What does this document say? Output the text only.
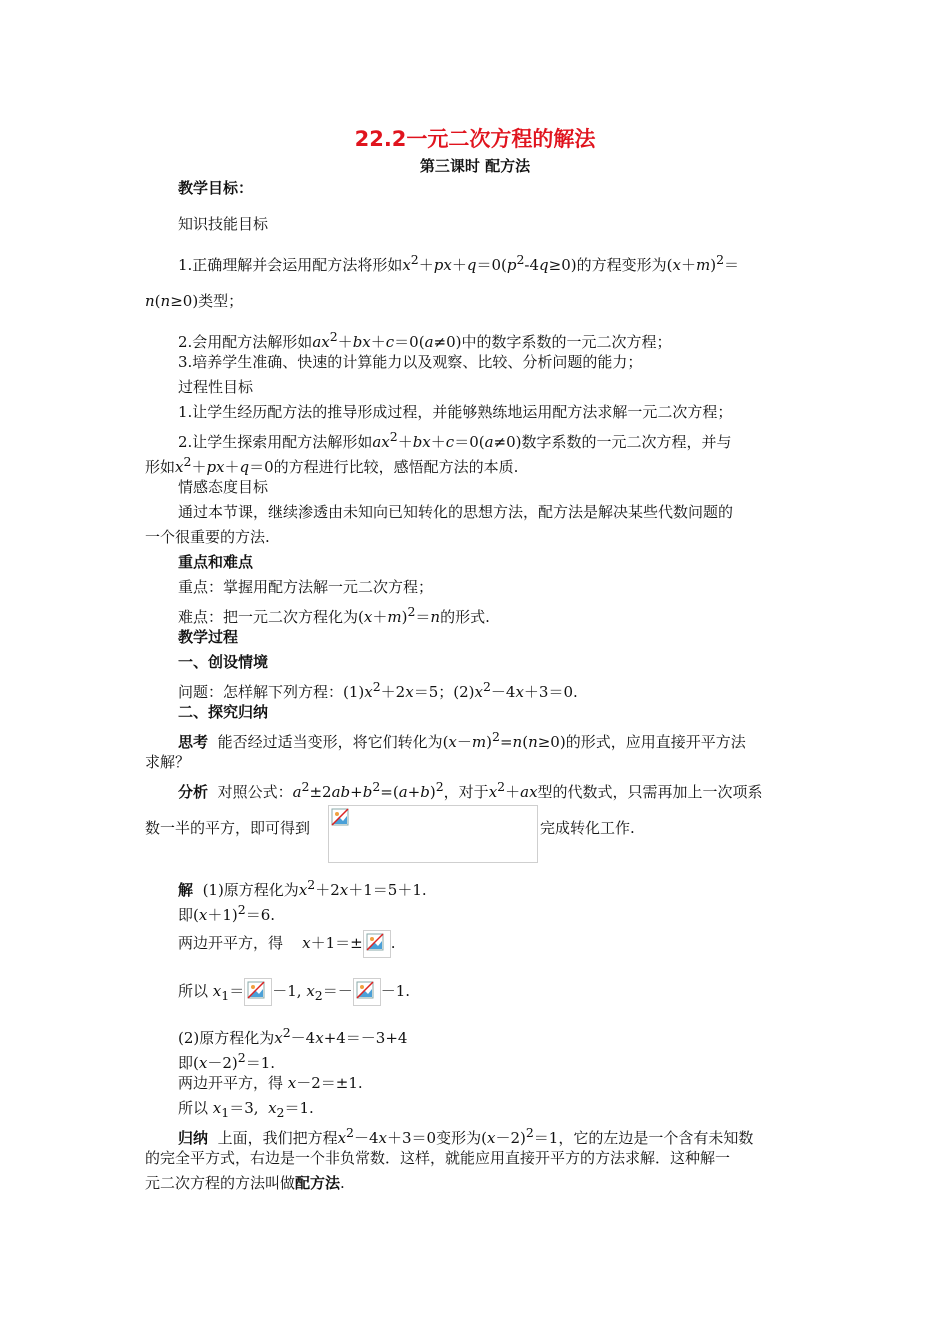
22.2一元二次方程的解法
第三课时 配方法
教学目标：
知识技能目标
1.正确理解并会运用配方法将形如$x^2+px+q=0(p^2-4q\ge 0)$的方程变形为$(x+m)^2=$
n(n≥0)类型；
2.会用配方法解形如$ax^2+bx+c=0(a\ne 0)$中的数字系数的一元二次方程；
3.培养学生准确、快速的计算能力以及观察、比较、分析问题的能力；
过程性目标
1.让学生经历配方法的推导形成过程，并能够熟练地运用配方法求解一元二次方程；
2.让学生探索用配方法解形如$ax^2+bx+c=0(a\ne 0)$数字系数的一元二次方程，并与
形如$x^2+px+q=0$的方程进行比较，感悟配方法的本质.
情感态度目标
通过本节课，继续渗透由未知向已知转化的思想方法，配方法是解决某些代数问题的
一个很重要的方法.
重点和难点
重点：掌握用配方法解一元二次方程；
难点：把一元二次方程化为$(x+m)^2=n$的形式.
教学过程
一、创设情境
问题：怎样解下列方程：$(1)x^2+2x=5$；$(2)x^2-4x+3=0$.
二、探究归纳
思考 能否经过适当变形，将它们转化为$(x-m)^2=n(n\ge 0)$的形式，应用直接开平方法
求解？
分析 对照公式：$a^2\pm 2ab+b^2=(a+b)^2$，对于$x^2+ax$型的代数式，只需再加上一次项系
数一半的平方，即可得到	完成转化工作.
解 (1)原方程化为$x^2+2x+1=5+1$.
即$(x+1)^2=6$.
两边开平方，得 x＋1＝± .
所以 $x_1= -1$, $x_2=- -1$.
(2)原方程化为$x^2-4x+4=-3+4$
即$(x-2)^2=1$.
两边开平方，得 x－2＝±1.
所以 $x_1=3$, $x_2=1$.
归纳 上面，我们把方程$x^2-4x+3=0$变形为$(x-2)^2=1$，它的左边是一个含有未知数
的完全平方式，右边是一个非负常数．这样，就能应用直接开平方的方法求解．这种解一
元二次方程的方法叫做配方法.
